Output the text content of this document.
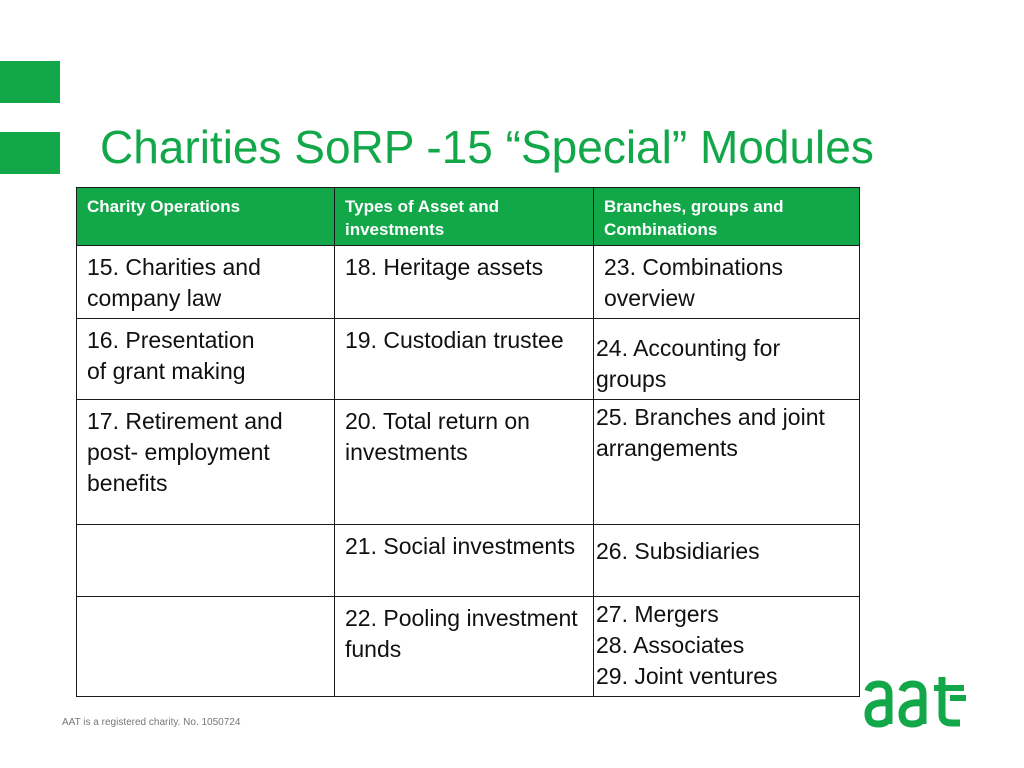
Charities SoRP -15 “Special” Modules
Charity Operations	Types of Asset and investments	Branches, groups and Combinations

15. Charities and company law	18. Heritage assets	23. Combinations overview

16. Presentation
of grant making	19. Custodian trustee	24. Accounting for groups

17. Retirement and post- employment benefits	20. Total return on investments	25. Branches and joint arrangements

	21. Social investments	26. Subsidiaries

	22. Pooling investment funds	27. Mergers
28. Associates
29. Joint ventures
AAT is a registered charity. No. 1050724
